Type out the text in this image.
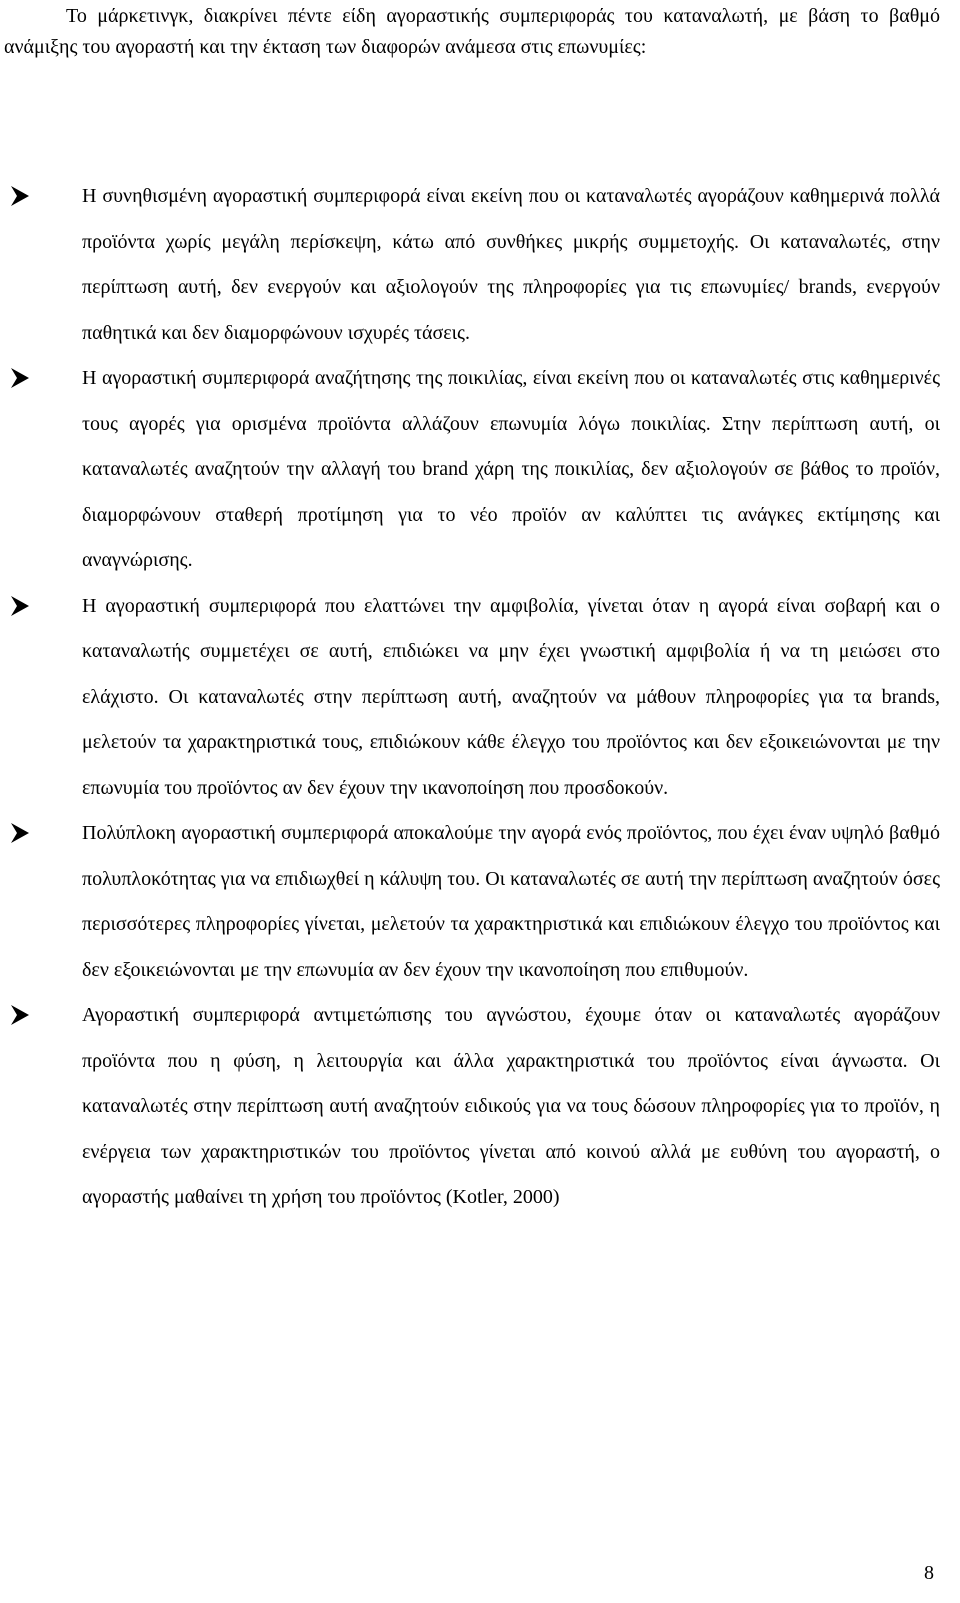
Το μάρκετινγκ, διακρίνει πέντε είδη αγοραστικής συμπεριφοράς του καταναλωτή, με βάση το βαθμό ανάμιξης του αγοραστή και την έκταση των διαφορών ανάμεσα στις επωνυμίες:

Η συνηθισμένη αγοραστική συμπεριφορά είναι εκείνη που οι καταναλωτές αγοράζουν καθημερινά πολλά προϊόντα χωρίς μεγάλη περίσκεψη, κάτω από συνθήκες μικρής συμμετοχής. Οι καταναλωτές, στην περίπτωση αυτή, δεν ενεργούν και αξιολογούν της πληροφορίες για τις επωνυμίες/ brands, ενεργούν παθητικά και δεν διαμορφώνουν ισχυρές τάσεις.
Η αγοραστική συμπεριφορά αναζήτησης της ποικιλίας, είναι εκείνη που οι καταναλωτές στις καθημερινές τους αγορές για ορισμένα προϊόντα αλλάζουν επωνυμία λόγω ποικιλίας. Στην περίπτωση αυτή, οι καταναλωτές αναζητούν την αλλαγή του brand χάρη της ποικιλίας, δεν αξιολογούν σε βάθος το προϊόν, διαμορφώνουν σταθερή προτίμηση για το νέο προϊόν αν καλύπτει τις ανάγκες εκτίμησης και αναγνώρισης.
Η αγοραστική συμπεριφορά που ελαττώνει την αμφιβολία, γίνεται όταν η αγορά είναι σοβαρή και ο καταναλωτής συμμετέχει σε αυτή, επιδιώκει να μην έχει γνωστική αμφιβολία ή να τη μειώσει στο ελάχιστο. Οι καταναλωτές στην περίπτωση αυτή, αναζητούν να μάθουν πληροφορίες για τα brands, μελετούν τα χαρακτηριστικά τους, επιδιώκουν κάθε έλεγχο του προϊόντος και δεν εξοικειώνονται με την επωνυμία του προϊόντος αν δεν έχουν την ικανοποίηση που προσδοκούν.
Πολύπλοκη αγοραστική συμπεριφορά αποκαλούμε την αγορά ενός προϊόντος, που έχει έναν υψηλό βαθμό πολυπλοκότητας για να επιδιωχθεί η κάλυψη του. Οι καταναλωτές σε αυτή την περίπτωση αναζητούν όσες περισσότερες πληροφορίες γίνεται, μελετούν τα χαρακτηριστικά και επιδιώκουν έλεγχο του προϊόντος και δεν εξοικειώνονται με την επωνυμία αν δεν έχουν την ικανοποίηση που επιθυμούν.
Αγοραστική συμπεριφορά αντιμετώπισης του αγνώστου, έχουμε όταν οι καταναλωτές αγοράζουν προϊόντα που η φύση, η λειτουργία και άλλα χαρακτηριστικά του προϊόντος είναι άγνωστα. Οι καταναλωτές στην περίπτωση αυτή αναζητούν ειδικούς για να τους δώσουν πληροφορίες για το προϊόν, η ενέργεια των χαρακτηριστικών του προϊόντος γίνεται από κοινού αλλά με ευθύνη του αγοραστή, ο αγοραστής μαθαίνει τη χρήση του προϊόντος (Kotler, 2000)
8
